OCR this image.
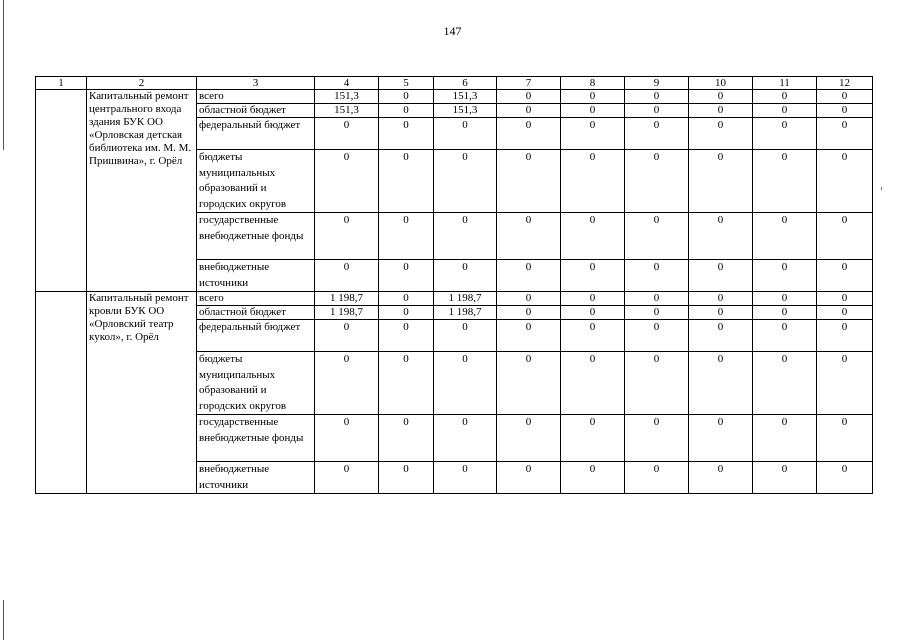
147
1	2	3	4	5	6	7	8	9	10	11	12
	Капитальный ремонт центрального входа здания БУК ОО «Орловская детская библиотека им. М. М. Пришвина», г. Орёл	всего	151,3	0	151,3	0	0	0	0	0	0
		областной бюджет	151,3	0	151,3	0	0	0	0	0	0
		федеральный бюджет	0	0	0	0	0	0	0	0	0
		бюджеты муниципальных образований и городских округов	0	0	0	0	0	0	0	0	0
		государственные внебюджетные фонды	0	0	0	0	0	0	0	0	0
		внебюджетные источники	0	0	0	0	0	0	0	0	0
	Капитальный ремонт кровли БУК ОО «Орловский театр кукол», г. Орёл	всего	1 198,7	0	1 198,7	0	0	0	0	0	0
		областной бюджет	1 198,7	0	1 198,7	0	0	0	0	0	0
		федеральный бюджет	0	0	0	0	0	0	0	0	0
		бюджеты муниципальных образований и городских округов	0	0	0	0	0	0	0	0	0
		государственные внебюджетные фонды	0	0	0	0	0	0	0	0	0
		внебюджетные источники	0	0	0	0	0	0	0	0	0
